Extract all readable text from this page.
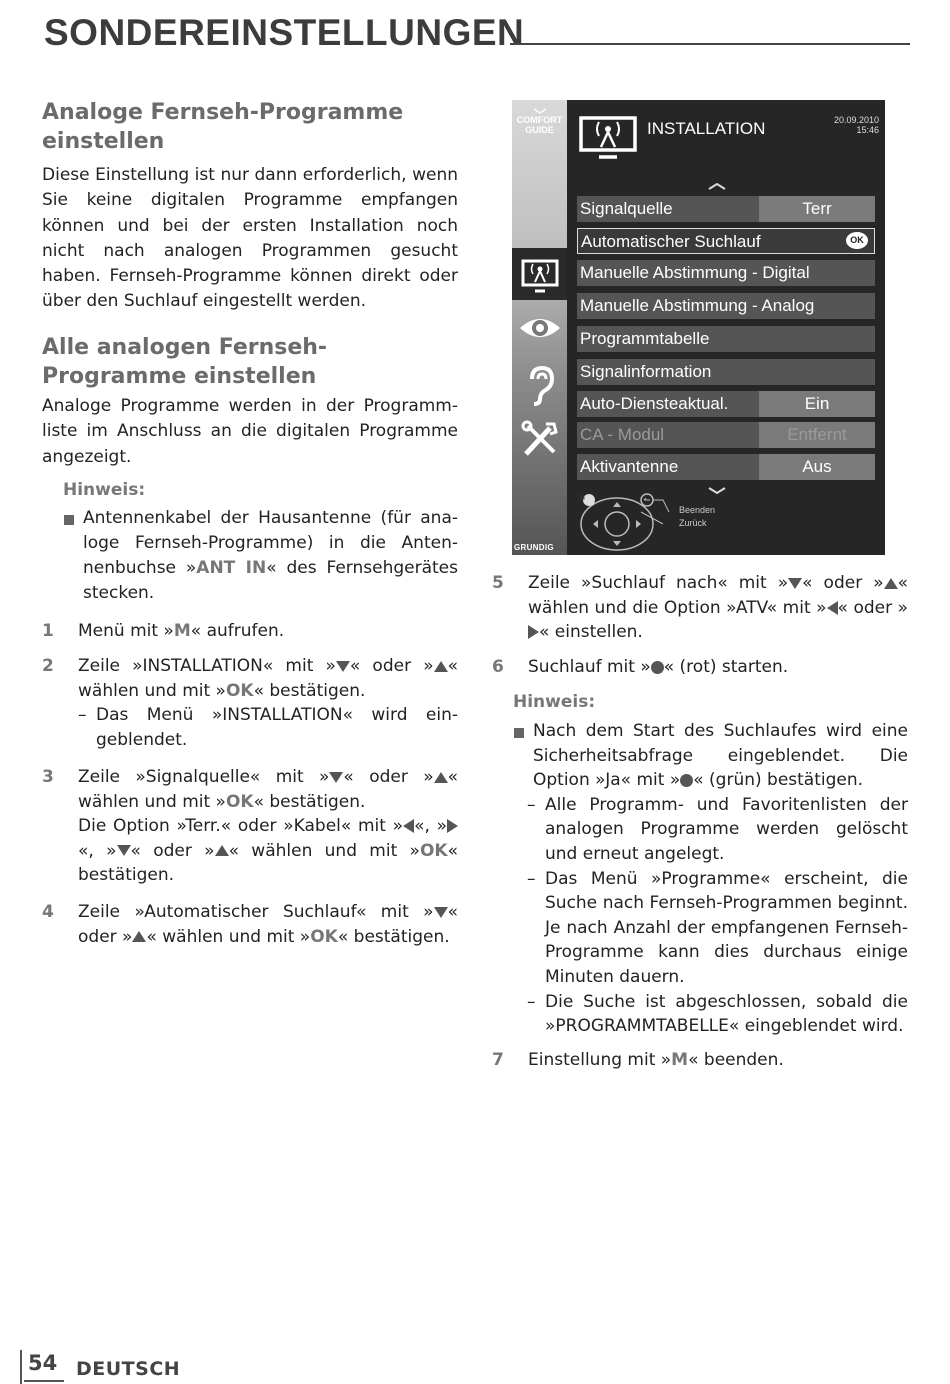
SONDEREINSTELLUNGEN
Analoge Fernseh-Programme einstellen

Diese Einstellung ist nur dann erforderlich, wenn Sie keine digitalen Programme empfangen können und bei der ersten Installation noch nicht nach analogen Programmen gesucht haben. Fernseh-Programme können direkt oder über den Suchlauf eingestellt werden.

Alle analogen Fernseh-Programme einstellen

Analoge Programme werden in der Programm-liste im Anschluss an die digitalen Programme angezeigt.

Hinweis:
Antennenkabel der Hausantenne (für ana-loge Fernseh-Programme) in die Anten-nenbuchse »ANT IN« des Fernsehgerätes stecken.
1 Menü mit »M« aufrufen.
2 Zeile »INSTALLATION« mit » « oder » « wählen und mit »OK« bestätigen.
– Das Menü »INSTALLATION« wird ein-geblendet.
3 Zeile »Signalquelle« mit » « oder » « wählen und mit »OK« bestätigen.
Die Option »Terr.« oder »Kabel« mit » «, »«, » « oder » « wählen und mit »OK« bestätigen.
4 Zeile »Automatischer Suchlauf« mit » « oder » « wählen und mit »OK« bestätigen.
COMFORT
GUIDE
GRUNDIG
INSTALLATION	20.09.2010
15:46
Signalquelle	Terr
Automatischer Suchlauf	OK
Manuelle Abstimmung - Digital
Manuelle Abstimmung - Analog
Programmtabelle
Signalinformation
Auto-Diensteaktual.	Ein
CA - Modul	Entfernt
Aktivantenne	Aus
M
Beenden
Zurück
5 Zeile »Suchlauf nach« mit » « oder » « wählen und die Option »ATV« mit » « oder »« einstellen.
6 Suchlauf mit » « (rot) starten.
Hinweis:
Nach dem Start des Suchlaufes wird eine Sicherheitsabfrage eingeblendet. Die Option »Ja« mit » « (grün) bestätigen.
– Alle Programm- und Favoritenlisten der analogen Programme werden gelöscht und erneut angelegt.
– Das Menü »Programme« erscheint, die Suche nach Fernseh-Programmen beginnt. Je nach Anzahl der empfangenen Fernseh-Programme kann dies durchaus einige Minuten dauern.
– Die Suche ist abgeschlossen, sobald die »PROGRAMMTABELLE« eingeblendet wird.
7 Einstellung mit »M« beenden.
54 DEUTSCH
